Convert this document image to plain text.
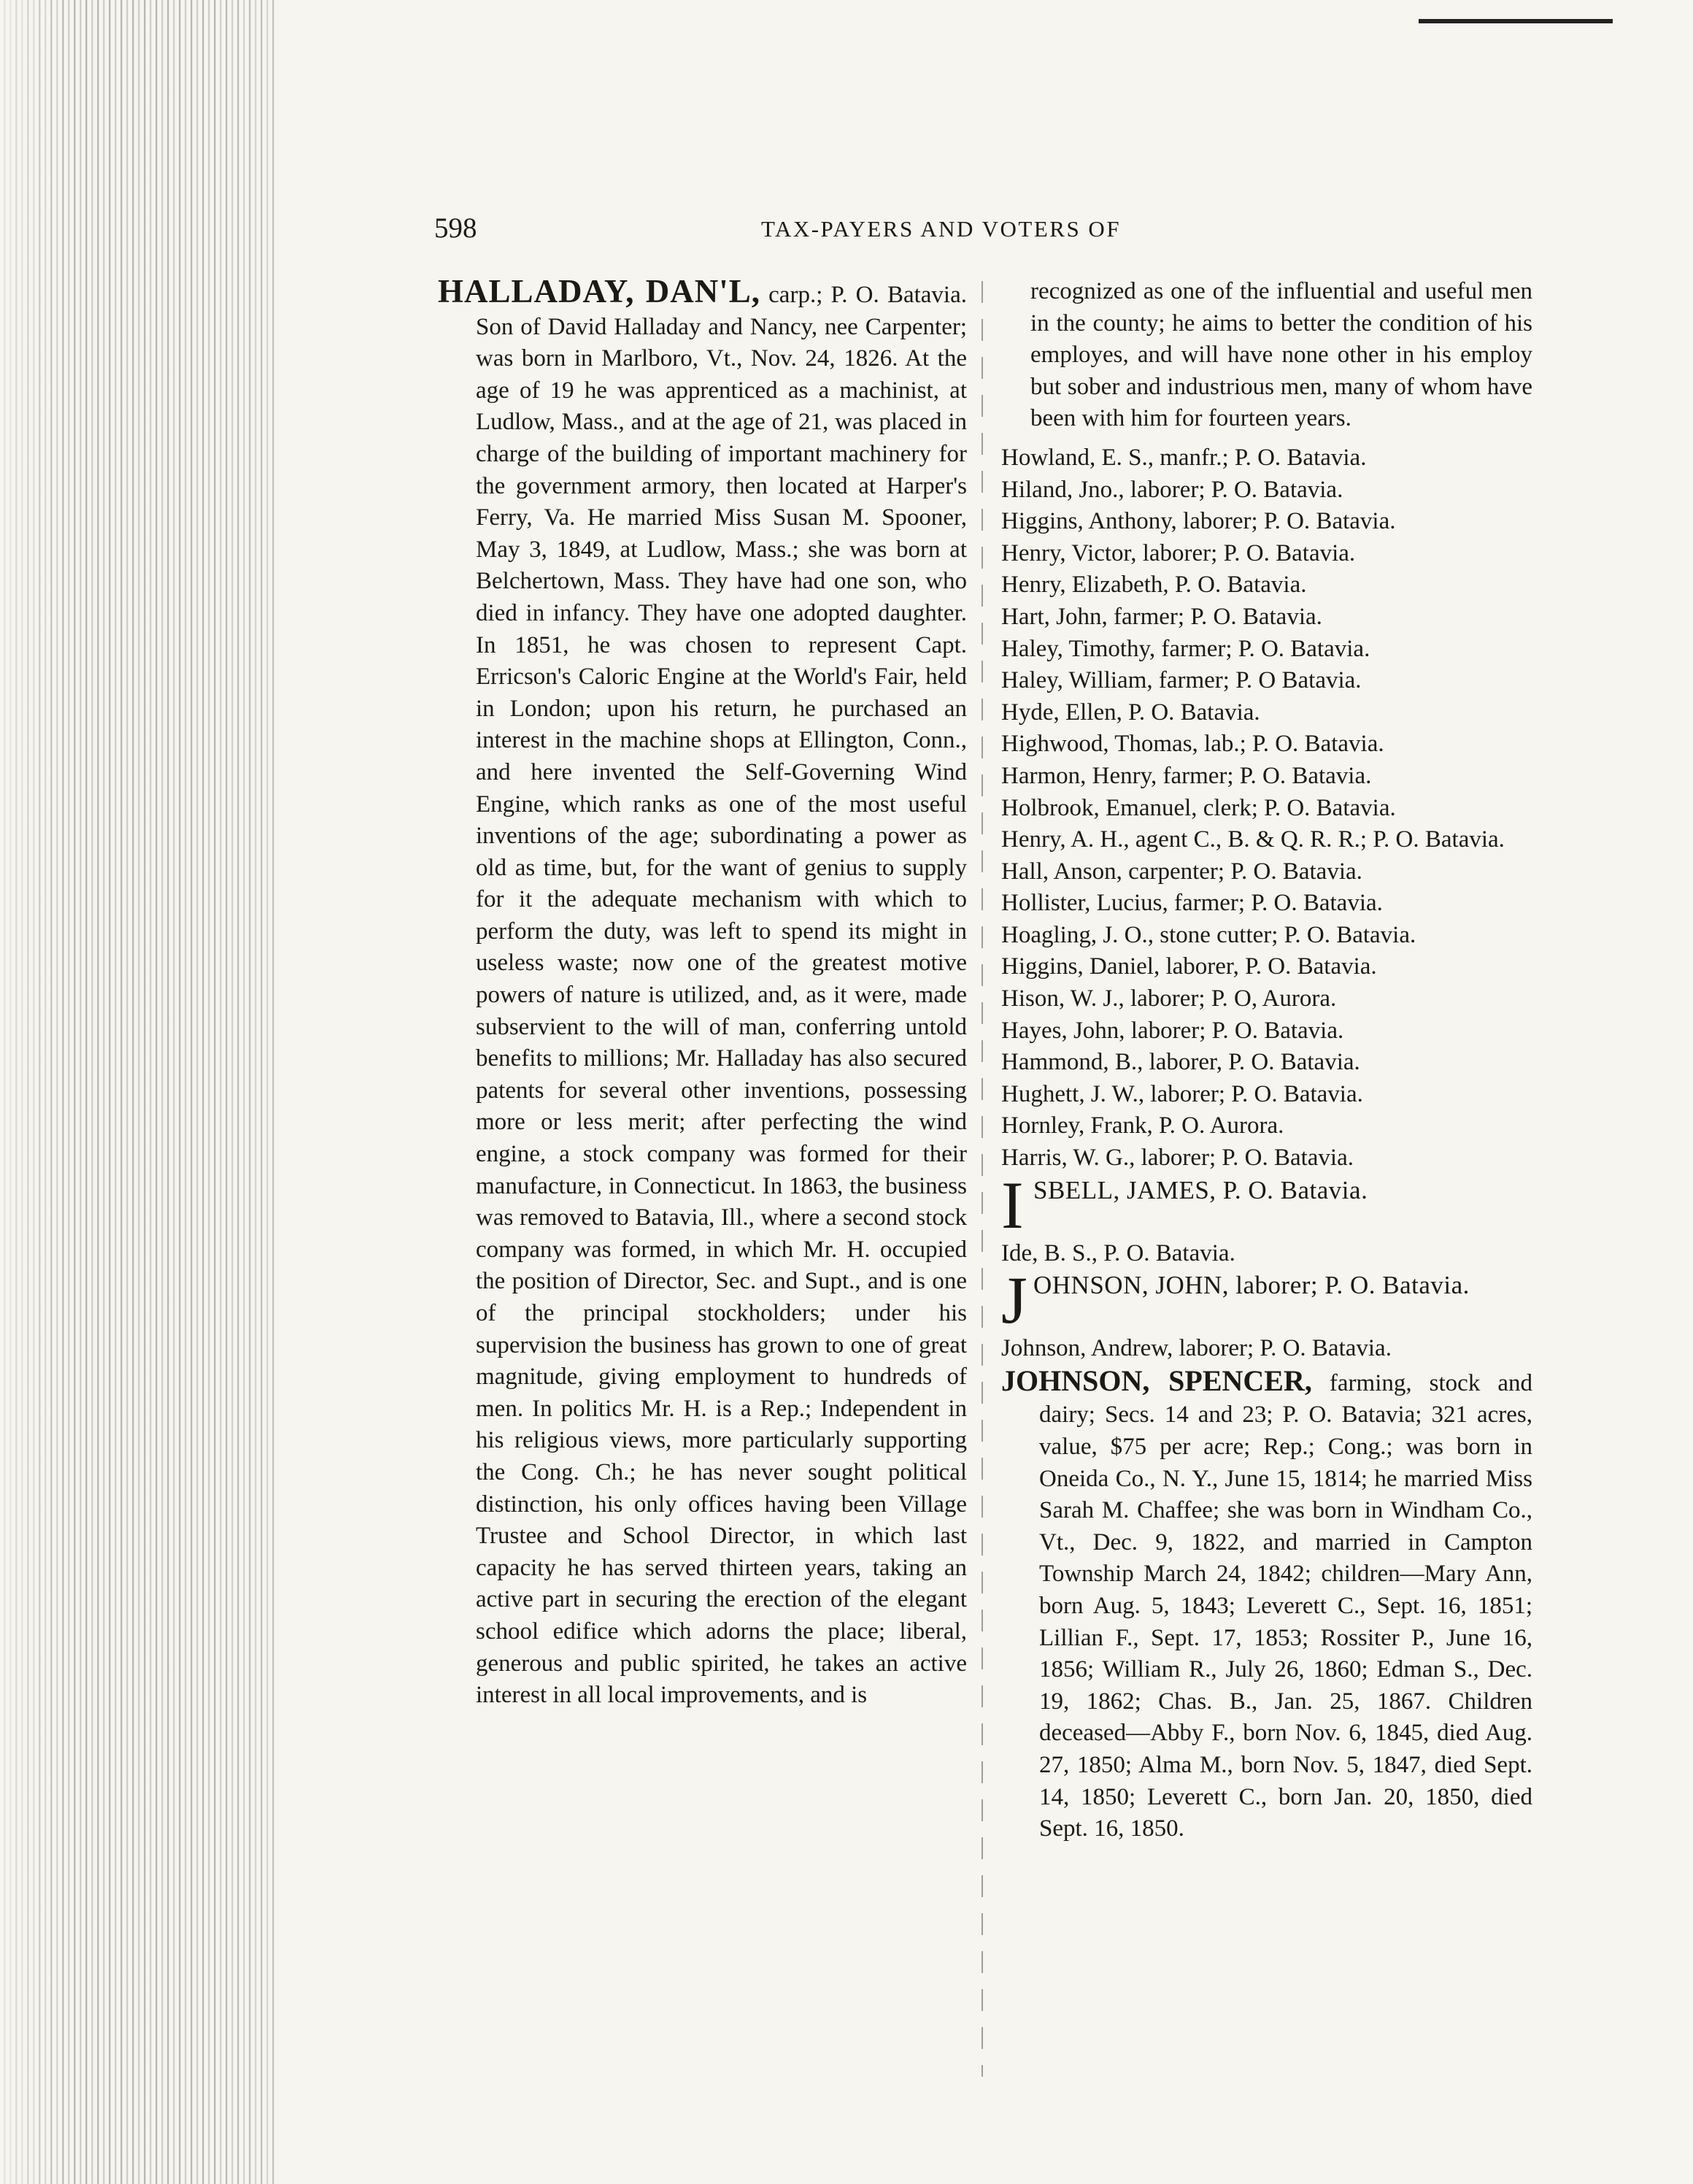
598	TAX-PAYERS AND VOTERS OF

HALLADAY, DAN'L, carp.; P. O. Batavia. Son of David Halladay and Nancy, nee Carpenter; was born in Marlboro, Vt., Nov. 24, 1826. At the age of 19 he was apprenticed as a machinist, at Ludlow, Mass., and at the age of 21, was placed in charge of the building of important machinery for the government armory, then located at Harper's Ferry, Va. He married Miss Susan M. Spooner, May 3, 1849, at Ludlow, Mass.; she was born at Belchertown, Mass. They have had one son, who died in infancy. They have one adopted daughter. In 1851, he was chosen to represent Capt. Erricson's Caloric Engine at the World's Fair, held in London; upon his return, he purchased an interest in the machine shops at Ellington, Conn., and here invented the Self-Governing Wind Engine, which ranks as one of the most useful inventions of the age; subordinating a power as old as time, but, for the want of genius to supply for it the adequate mechanism with which to perform the duty, was left to spend its might in useless waste; now one of the greatest motive powers of nature is utilized, and, as it were, made subservient to the will of man, conferring untold benefits to millions; Mr. Halladay has also secured patents for several other inventions, possessing more or less merit; after perfecting the wind engine, a stock company was formed for their manufacture, in Connecticut. In 1863, the business was removed to Batavia, Ill., where a second stock company was formed, in which Mr. H. occupied the position of Director, Sec. and Supt., and is one of the principal stockholders; under his supervision the business has grown to one of great magnitude, giving employment to hundreds of men. In politics Mr. H. is a Rep.; Independent in his religious views, more particularly supporting the Cong. Ch.; he has never sought political distinction, his only offices having been Village Trustee and School Director, in which last capacity he has served thirteen years, taking an active part in securing the erection of the elegant school edifice which adorns the place; liberal, generous and public spirited, he takes an active interest in all local improvements, and is

recognized as one of the influential and useful men in the county; he aims to better the condition of his employes, and will have none other in his employ but sober and industrious men, many of whom have been with him for fourteen years.

Howland, E. S., manfr.; P. O. Batavia.

Hiland, Jno., laborer; P. O. Batavia.

Higgins, Anthony, laborer; P. O. Batavia.

Henry, Victor, laborer; P. O. Batavia.

Henry, Elizabeth, P. O. Batavia.

Hart, John, farmer; P. O. Batavia.

Haley, Timothy, farmer; P. O. Batavia.

Haley, William, farmer; P. O Batavia.

Hyde, Ellen, P. O. Batavia.

Highwood, Thomas, lab.; P. O. Batavia.

Harmon, Henry, farmer; P. O. Batavia.

Holbrook, Emanuel, clerk; P. O. Batavia.

Henry, A. H., agent C., B. & Q. R. R.; P. O. Batavia.

Hall, Anson, carpenter; P. O. Batavia.

Hollister, Lucius, farmer; P. O. Batavia.

Hoagling, J. O., stone cutter; P. O. Batavia.

Higgins, Daniel, laborer, P. O. Batavia.

Hison, W. J., laborer; P. O, Aurora.

Hayes, John, laborer; P. O. Batavia.

Hammond, B., laborer, P. O. Batavia.

Hughett, J. W., laborer; P. O. Batavia.

Hornley, Frank, P. O. Aurora.

Harris, W. G., laborer; P. O. Batavia.

I SBELL, JAMES, P. O. Batavia.

Ide, B. S., P. O. Batavia.

J OHNSON, JOHN, laborer; P. O. Batavia.

Johnson, Andrew, laborer; P. O. Batavia.

JOHNSON, SPENCER, farming, stock and dairy; Secs. 14 and 23; P. O. Batavia; 321 acres, value, $75 per acre; Rep.; Cong.; was born in Oneida Co., N. Y., June 15, 1814; he married Miss Sarah M. Chaffee; she was born in Windham Co., Vt., Dec. 9, 1822, and married in Campton Township March 24, 1842; children—Mary Ann, born Aug. 5, 1843; Leverett C., Sept. 16, 1851; Lillian F., Sept. 17, 1853; Rossiter P., June 16, 1856; William R., July 26, 1860; Edman S., Dec. 19, 1862; Chas. B., Jan. 25, 1867. Children deceased—Abby F., born Nov. 6, 1845, died Aug. 27, 1850; Alma M., born Nov. 5, 1847, died Sept. 14, 1850; Leverett C., born Jan. 20, 1850, died Sept. 16, 1850.
